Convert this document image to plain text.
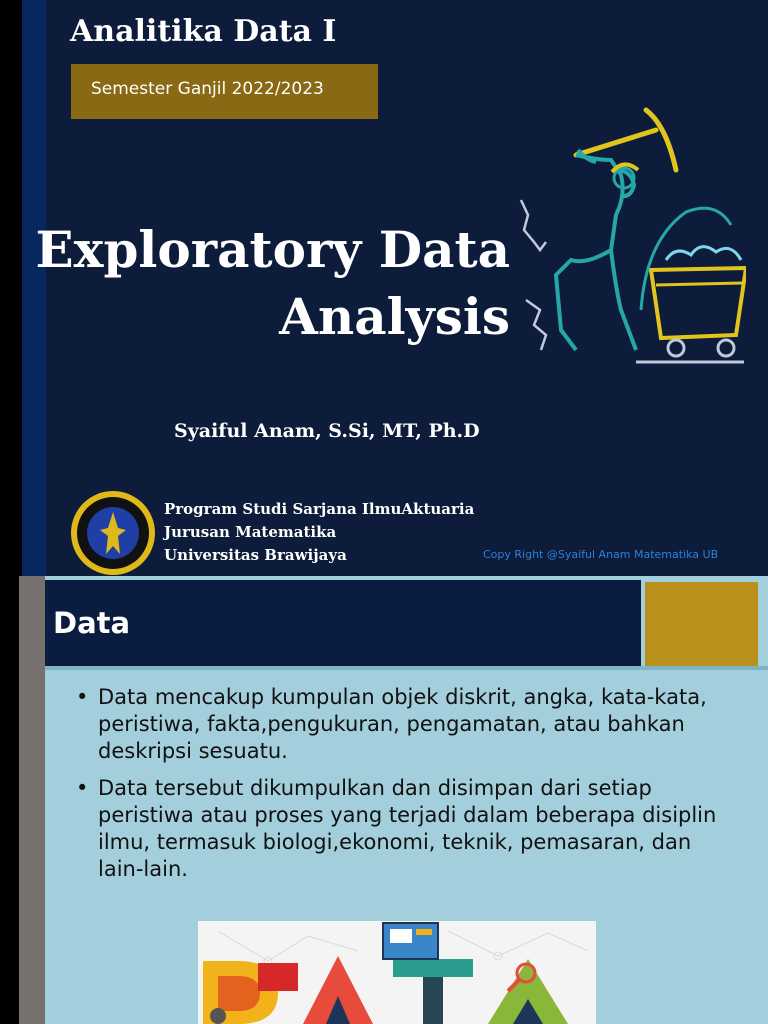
Analitika Data I
Semester Ganjil 2022/2023
Exploratory Data
Analysis
Syaiful Anam, S.Si, MT, Ph.D
Program Studi Sarjana IlmuAktuaria
Jurusan Matematika
Universitas Brawijaya	Copy Right @Syaiful Anam Matematika UB
Data
• Data mencakup kumpulan objek diskrit, angka, kata-kata, peristiwa, fakta,pengukuran, pengamatan, atau bahkan deskripsi sesuatu.
• Data tersebut dikumpulkan dan disimpan dari setiap peristiwa atau proses yang terjadi dalam beberapa disiplin ilmu, termasuk biologi,ekonomi, teknik, pemasaran, dan lain-lain.
